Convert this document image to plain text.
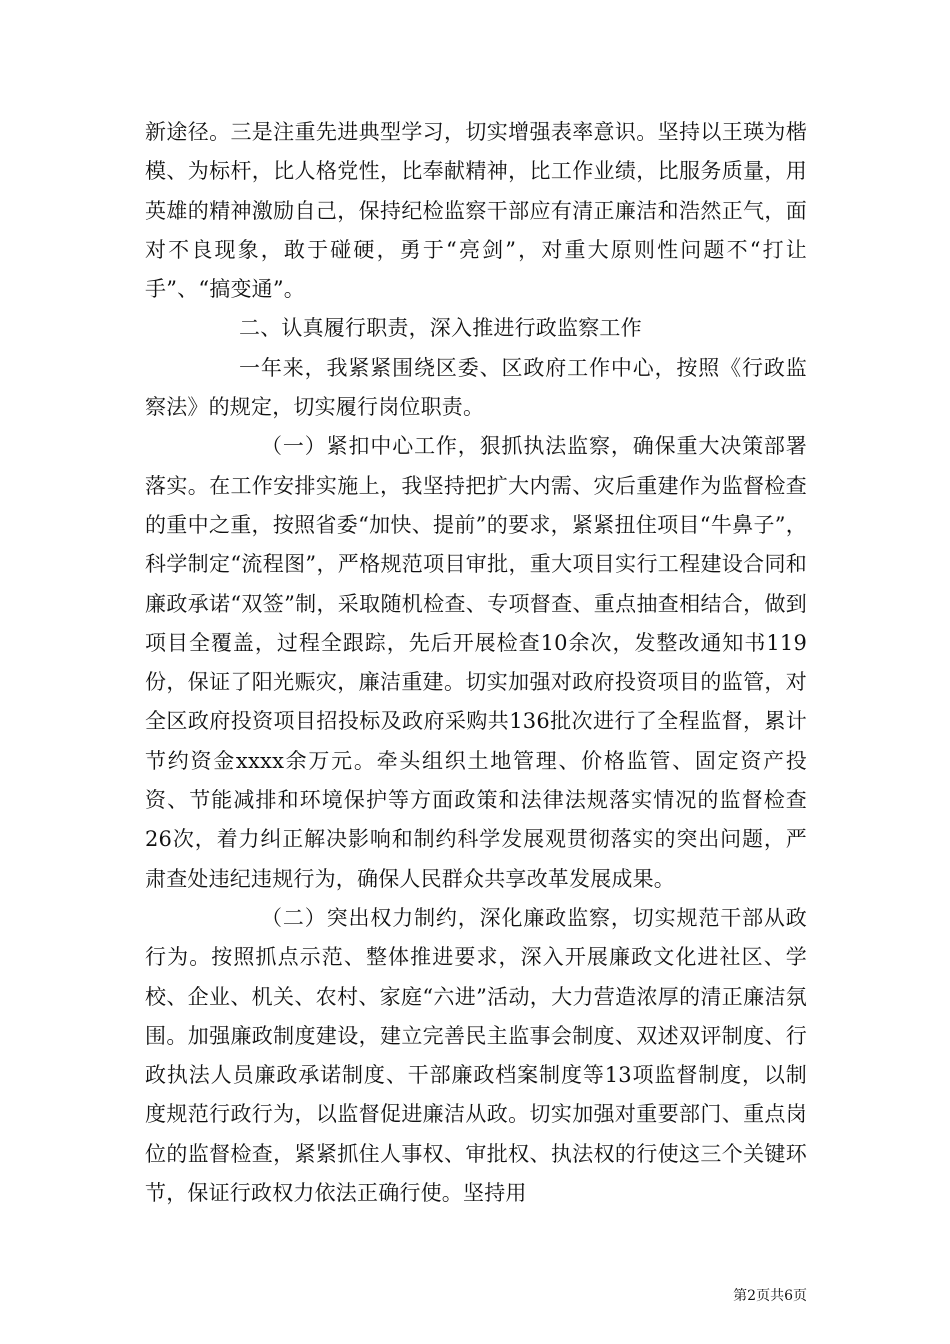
新途径。三是注重先进典型学习，切实增强表率意识。坚持以王瑛为楷模、为标杆，比人格党性，比奉献精神，比工作业绩，比服务质量，用英雄的精神激励自己，保持纪检监察干部应有清正廉洁和浩然正气，面对不良现象，敢于碰硬，勇于“亮剑”，对重大原则性问题不“打让手”、“搞变通”。

二、认真履行职责，深入推进行政监察工作

一年来，我紧紧围绕区委、区政府工作中心，按照《行政监察法》的规定，切实履行岗位职责。

（一）紧扣中心工作，狠抓执法监察，确保重大决策部署落实。在工作安排实施上，我坚持把扩大内需、灾后重建作为监督检查的重中之重，按照省委“加快、提前”的要求，紧紧扭住项目“牛鼻子”，科学制定“流程图”，严格规范项目审批，重大项目实行工程建设合同和廉政承诺“双签”制，采取随机检查、专项督查、重点抽查相结合，做到项目全覆盖，过程全跟踪，先后开展检查10余次，发整改通知书119份，保证了阳光赈灾，廉洁重建。切实加强对政府投资项目的监管，对全区政府投资项目招投标及政府采购共136批次进行了全程监督，累计节约资金xxxx余万元。牵头组织土地管理、价格监管、固定资产投资、节能减排和环境保护等方面政策和法律法规落实情况的监督检查26次，着力纠正解决影响和制约科学发展观贯彻落实的突出问题，严肃查处违纪违规行为，确保人民群众共享改革发展成果。

（二）突出权力制约，深化廉政监察，切实规范干部从政行为。按照抓点示范、整体推进要求，深入开展廉政文化进社区、学校、企业、机关、农村、家庭“六进”活动，大力营造浓厚的清正廉洁氛围。加强廉政制度建设，建立完善民主监事会制度、双述双评制度、行政执法人员廉政承诺制度、干部廉政档案制度等13项监督制度，以制度规范行政行为，以监督促进廉洁从政。切实加强对重要部门、重点岗位的监督检查，紧紧抓住人事权、审批权、执法权的行使这三个关键环节，保证行政权力依法正确行使。坚持用

第2页共6页
